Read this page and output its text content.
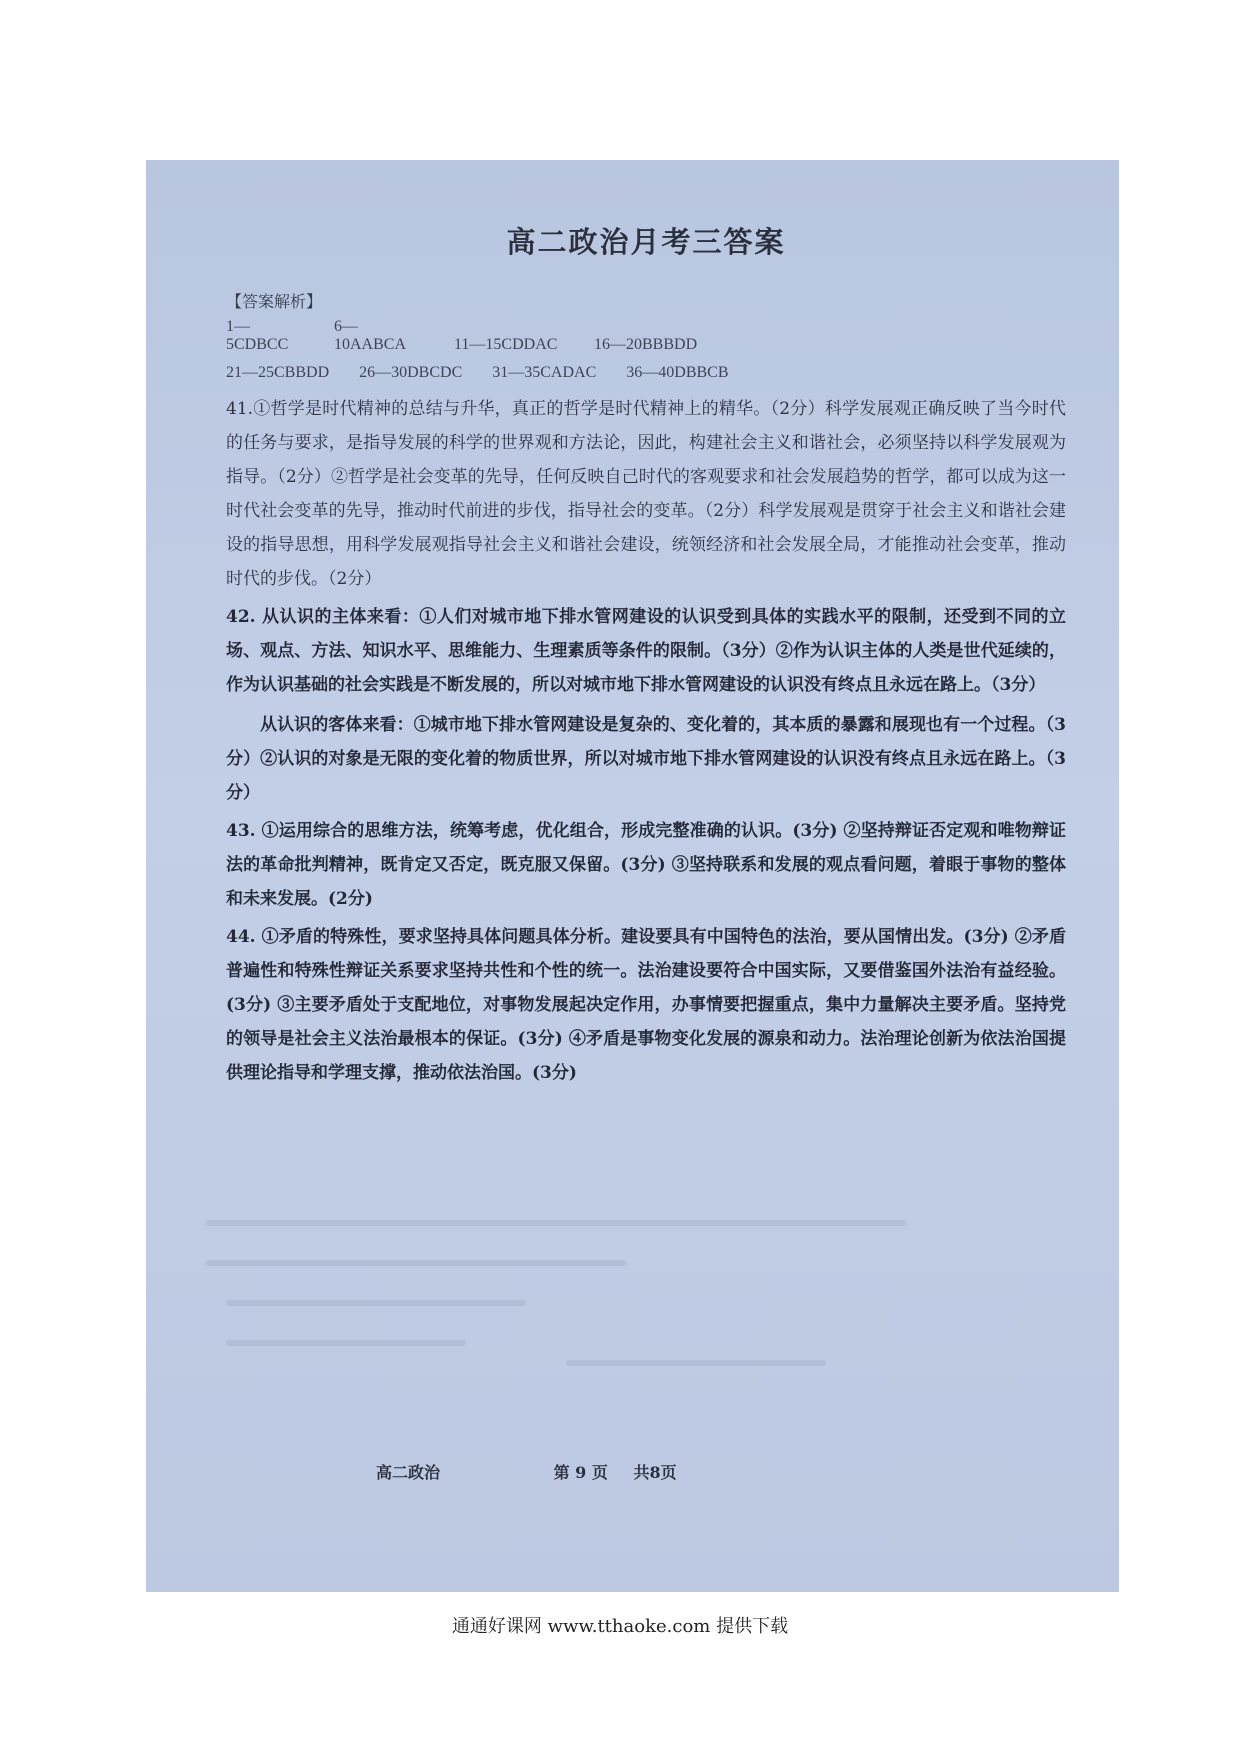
高二政治月考三答案
【答案解析】
1—5CDBCC6—10AABCA	11—15CDDAC 16—20BBBDD
21—25CBBDD 26—30DBCDC 31—35CADAC 36—40DBBCB

41.①哲学是时代精神的总结与升华，真正的哲学是时代精神上的精华。（2分）科学发展观正确反映了当今时代的任务与要求，是指导发展的科学的世界观和方法论，因此，构建社会主义和谐社会，必须坚持以科学发展观为指导。（2分）②哲学是社会变革的先导，任何反映自己时代的客观要求和社会发展趋势的哲学，都可以成为这一时代社会变革的先导，推动时代前进的步伐，指导社会的变革。（2分）科学发展观是贯穿于社会主义和谐社会建设的指导思想，用科学发展观指导社会主义和谐社会建设，统领经济和社会发展全局，才能推动社会变革，推动时代的步伐。（2分）

42. 从认识的主体来看：①人们对城市地下排水管网建设的认识受到具体的实践水平的限制，还受到不同的立场、观点、方法、知识水平、思维能力、生理素质等条件的限制。（3分）②作为认识主体的人类是世代延续的，作为认识基础的社会实践是不断发展的，所以对城市地下排水管网建设的认识没有终点且永远在路上。（3分）

从认识的客体来看：①城市地下排水管网建设是复杂的、变化着的，其本质的暴露和展现也有一个过程。（3分）②认识的对象是无限的变化着的物质世界，所以对城市地下排水管网建设的认识没有终点且永远在路上。（3分）

43. ①运用综合的思维方法，统筹考虑，优化组合，形成完整准确的认识。(3分) ②坚持辩证否定观和唯物辩证法的革命批判精神，既肯定又否定，既克服又保留。(3分) ③坚持联系和发展的观点看问题，着眼于事物的整体和未来发展。(2分)

44. ①矛盾的特殊性，要求坚持具体问题具体分析。建设要具有中国特色的法治，要从国情出发。(3分) ②矛盾普遍性和特殊性辩证关系要求坚持共性和个性的统一。法治建设要符合中国实际，又要借鉴国外法治有益经验。(3分) ③主要矛盾处于支配地位，对事物发展起决定作用，办事情要把握重点，集中力量解决主要矛盾。坚持党的领导是社会主义法治最根本的保证。(3分) ④矛盾是事物变化发展的源泉和动力。法治理论创新为依法治国提供理论指导和学理支撑，推动依法治国。(3分)

高二政治	第 9 页 共8页
通通好课网 www.tthaoke.com 提供下载
